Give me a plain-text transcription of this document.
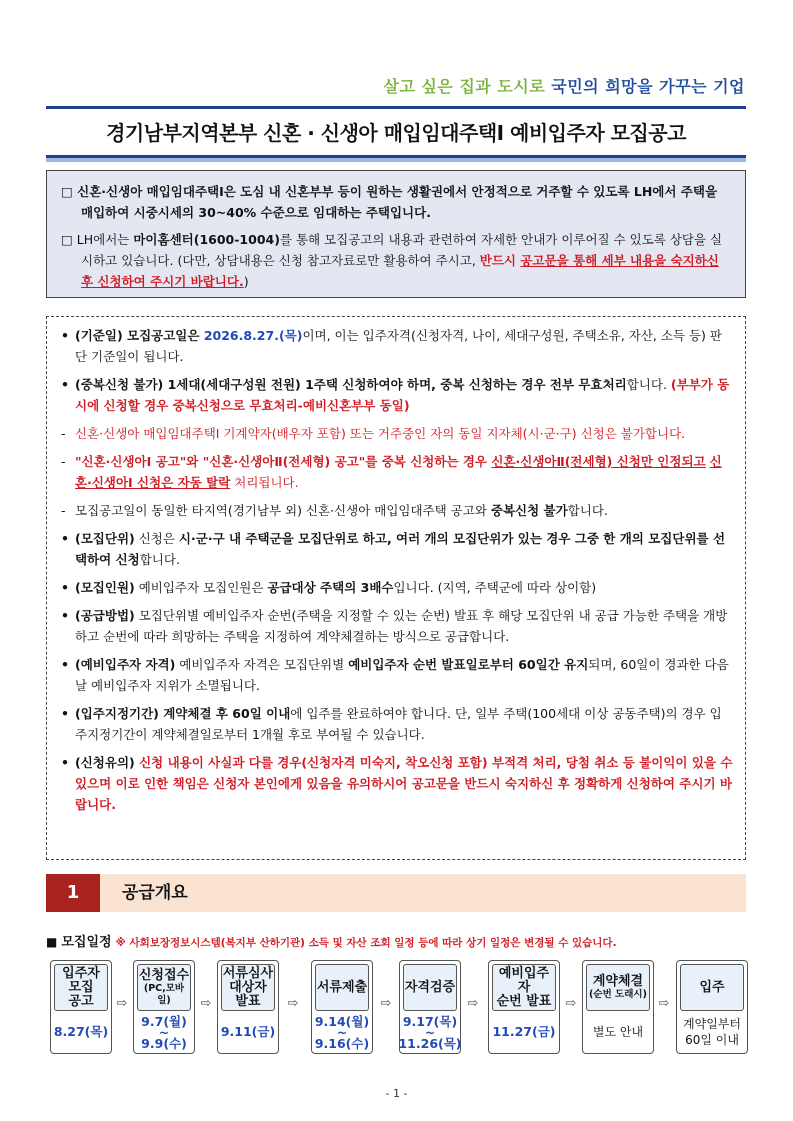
살고 싶은 집과 도시로 국민의 희망을 가꾸는 기업
경기남부지역본부 신혼 · 신생아 매입임대주택Ⅰ 예비입주자 모집공고

□ 신혼·신생아 매입임대주택Ⅰ은 도심 내 신혼부부 등이 원하는 생활권에서 안정적으로 거주할 수 있도록 LH에서 주택을 매입하여 시중시세의 30~40% 수준으로 임대하는 주택입니다.

□ LH에서는 마이홈센터(1600-1004)를 통해 모집공고의 내용과 관련하여 자세한 안내가 이루어질 수 있도록 상담을 실시하고 있습니다. (다만, 상담내용은 신청 참고자료로만 활용하여 주시고, 반드시 공고문을 통해 세부 내용을 숙지하신 후 신청하여 주시기 바랍니다.)

• (기준일) 모집공고일은 2026.8.27.(목)이며, 이는 입주자격(신청자격, 나이, 세대구성원, 주택소유, 자산, 소득 등) 판단 기준일이 됩니다.
• (중복신청 불가) 1세대(세대구성원 전원) 1주택 신청하여야 하며, 중복 신청하는 경우 전부 무효처리합니다. (부부가 동시에 신청할 경우 중복신청으로 무효처리-예비신혼부부 동일)
- 신혼·신생아 매입임대주택Ⅰ 기계약자(배우자 포함) 또는 거주중인 자의 동일 지자체(시·군·구) 신청은 불가합니다.
- "신혼·신생아Ⅰ 공고"와 "신혼·신생아Ⅱ(전세형) 공고"를 중복 신청하는 경우 신혼·신생아Ⅱ(전세형) 신청만 인정되고 신혼·신생아Ⅰ 신청은 자동 탈락 처리됩니다.
- 모집공고일이 동일한 타지역(경기남부 외) 신혼·신생아 매입임대주택 공고와 중복신청 불가합니다.
• (모집단위) 신청은 시·군·구 내 주택군을 모집단위로 하고, 여러 개의 모집단위가 있는 경우 그중 한 개의 모집단위를 선택하여 신청합니다.
• (모집인원) 예비입주자 모집인원은 공급대상 주택의 3배수입니다. (지역, 주택군에 따라 상이함)
• (공급방법) 모집단위별 예비입주자 순번(주택을 지정할 수 있는 순번) 발표 후 해당 모집단위 내 공급 가능한 주택을 개방하고 순번에 따라 희망하는 주택을 지정하여 계약체결하는 방식으로 공급합니다.
• (예비입주자 자격) 예비입주자 자격은 모집단위별 예비입주자 순번 발표일로부터 60일간 유지되며, 60일이 경과한 다음 날 예비입주자 지위가 소멸됩니다.
• (입주지정기간) 계약체결 후 60일 이내에 입주를 완료하여야 합니다. 단, 일부 주택(100세대 이상 공동주택)의 경우 입주지정기간이 계약체결일로부터 1개월 후로 부여될 수 있습니다.
• (신청유의) 신청 내용이 사실과 다를 경우(신청자격 미숙지, 착오신청 포함) 부적격 처리, 당첨 취소 등 불이익이 있을 수 있으며 이로 인한 책임은 신청자 본인에게 있음을 유의하시어 공고문을 반드시 숙지하신 후 정확하게 신청하여 주시기 바랍니다.
1	공급개요
■ 모집일정 ※ 사회보장정보시스템(복지부 산하기관) 소득 및 자산 조회 일정 등에 따라 상기 일정은 변경될 수 있습니다.
입주자
모집
공고
8.27(목)
⇨
신청접수
(PC,모바일)
9.7(월)
~
9.9(수)
⇨
서류심사
대상자
발표
9.11(금)
⇨
서류제출
9.14(월)
~
9.16(수)
⇨
자격검증
9.17(목)
~
11.26(목)
⇨
예비입주자
순번 발표
11.27(금)
⇨
계약체결
(순번 도래시)
별도 안내
⇨
입주
계약일부터
60일 이내
- 1 -
